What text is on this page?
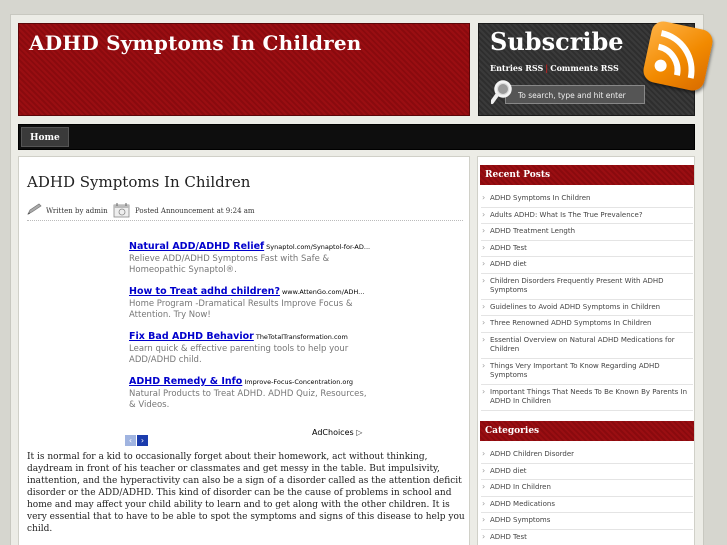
ADHD Symptoms In Children	Subscribe
Entries RSS | Comments RSS
To search, type and hit enter
Home
ADHD Symptoms In Children
Written by admin	Posted Announcement at 9:24 am
Natural ADD/ADHD Relief Synaptol.com/Synaptol-for-AD...
Relieve ADD/ADHD Symptoms Fast with Safe & Homeopathic Synaptol®.
How to Treat adhd children? www.AttenGo.com/ADH...
Home Program -Dramatical Results Improve Focus & Attention. Try Now!
Fix Bad ADHD Behavior TheTotalTransformation.com
Learn quick & effective parenting tools to help your ADD/ADHD child.
ADHD Remedy & Info Improve-Focus-Concentration.org
Natural Products to Treat ADHD. ADHD Quiz, Resources, & Videos.
‹ ›
AdChoices ▷
It is normal for a kid to occasionally forget about their homework, act without thinking, daydream in front of his teacher or classmates and get messy in the table. But impulsivity, inattention, and the hyperactivity can also be a sign of a disorder called as the attention deficit disorder or the ADD/ADHD. This kind of disorder can be the cause of problems in school and home and may affect your child ability to learn and to get along with the other children. It is very essential that to have to be able to spot the symptoms and signs of this disease to help you child.
Recent Posts
› ADHD Symptoms In Children
› Adults ADHD: What Is The True Prevalence?
› ADHD Treatment Length
› ADHD Test
› ADHD diet
› Children Disorders Frequently Present With ADHD Symptoms
› Guidelines to Avoid ADHD Symptoms in Children
› Three Renowned ADHD Symptoms In Children
› Essential Overview on Natural ADHD Medications for Children
› Things Very Important To Know Regarding ADHD Symptoms
› Important Things That Needs To Be Known By Parents In ADHD In Children
Categories
› ADHD Children Disorder
› ADHD diet
› ADHD In Children
› ADHD Medications
› ADHD Symptoms
› ADHD Test
